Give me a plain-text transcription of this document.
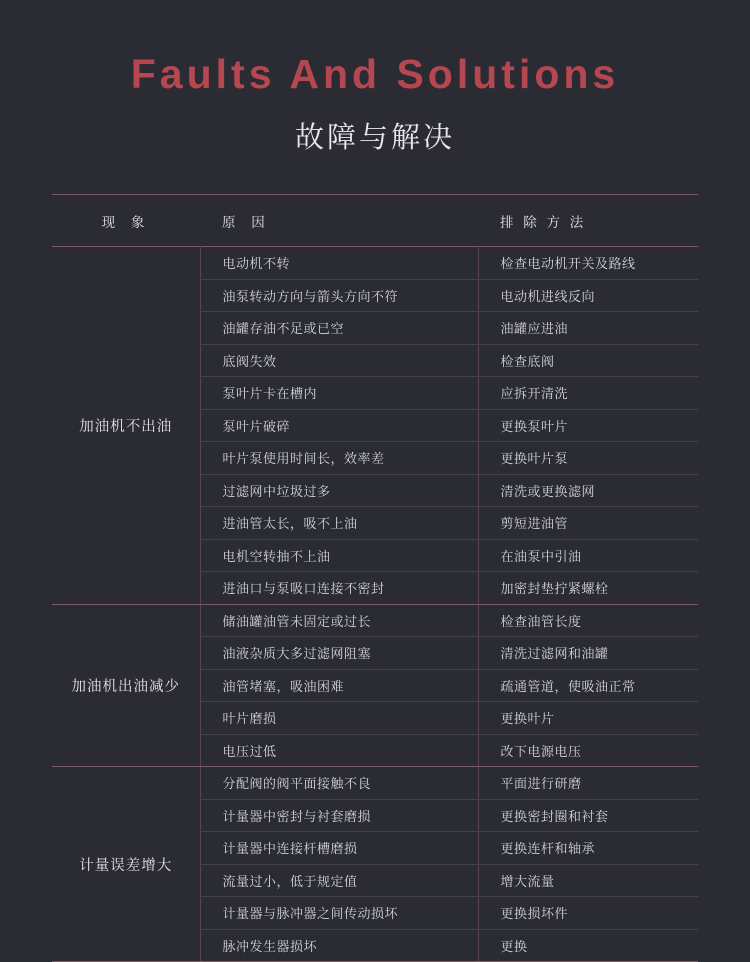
Faults And Solutions
故障与解决
现 象	原 因	排 除 方 法
加油机不出油	电动机不转	检查电动机开关及路线
	油泵转动方向与箭头方向不符	电动机进线反向
	油罐存油不足或已空	油罐应进油
	底阀失效	检查底阀
	泵叶片卡在槽内	应拆开清洗
	泵叶片破碎	更换泵叶片
	叶片泵使用时间长，效率差	更换叶片泵
	过滤网中垃圾过多	清洗或更换滤网
	进油管太长，吸不上油	剪短进油管
	电机空转抽不上油	在油泵中引油
	进油口与泵吸口连接不密封	加密封垫拧紧螺栓
加油机出油减少	储油罐油管未固定或过长	检查油管长度
	油液杂质大多过滤网阻塞	清洗过滤网和油罐
	油管堵塞，吸油困难	疏通管道，使吸油正常
	叶片磨损	更换叶片
	电压过低	改下电源电压
计量误差增大	分配阀的阀平面接触不良	平面进行研磨
	计量器中密封与衬套磨损	更换密封圈和衬套
	计量器中连接杆槽磨损	更换连杆和轴承
	流量过小，低于规定值	增大流量
	计量器与脉冲器之间传动损坏	更换损坏件
	脉冲发生器损坏	更换
